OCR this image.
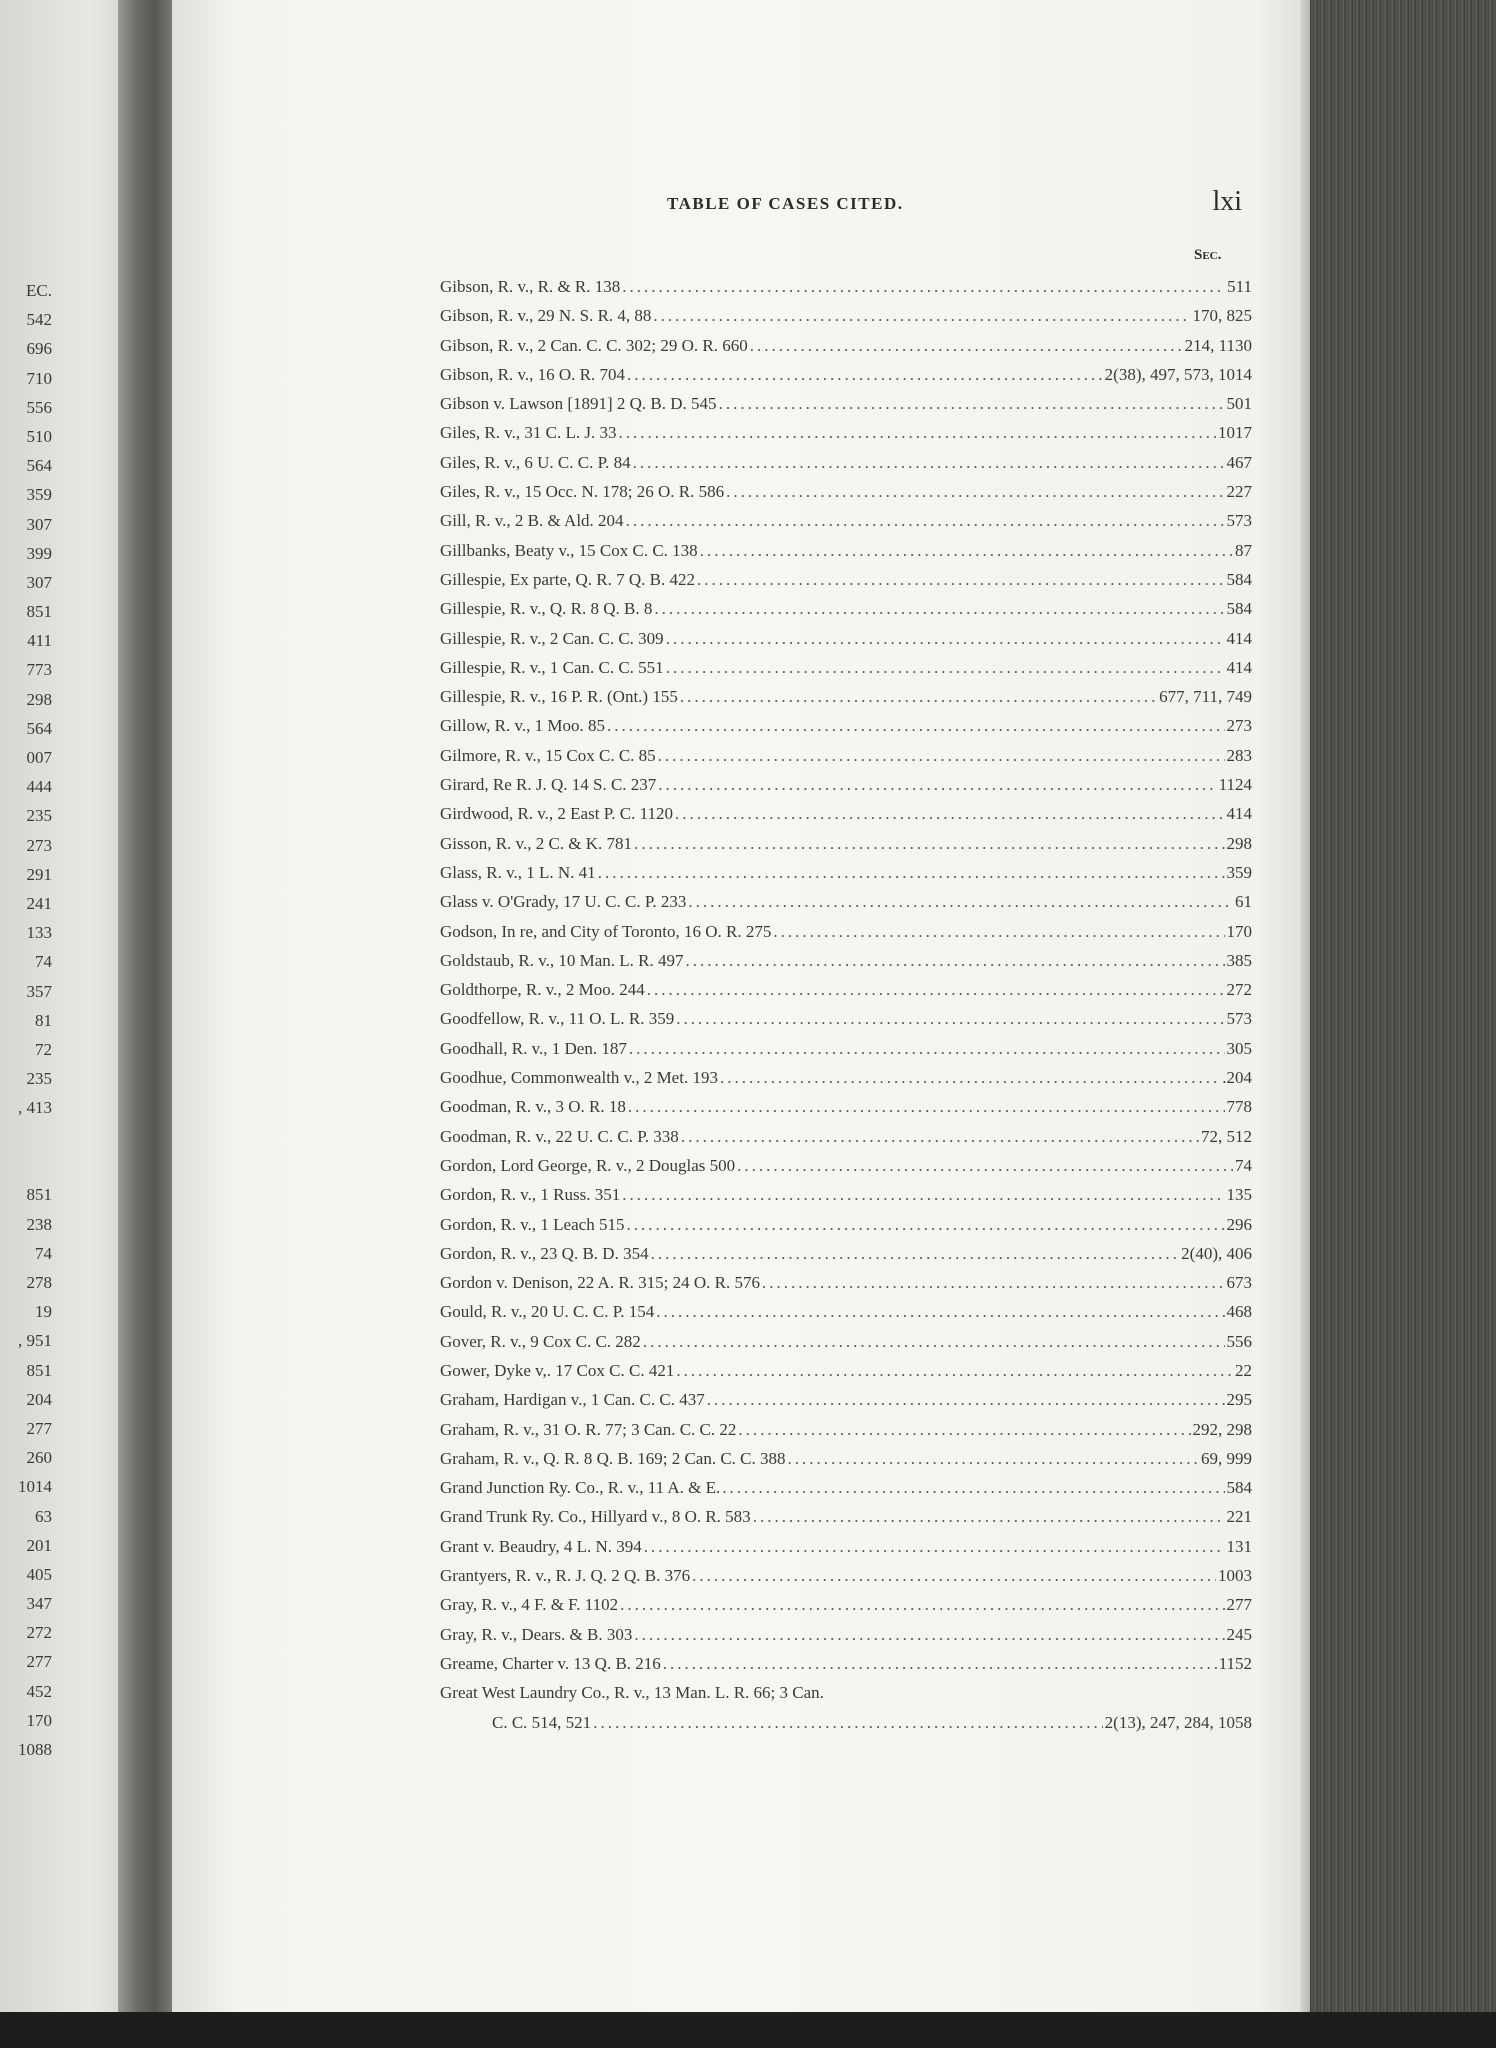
EC.
542
696
710
556
510
564
359
307
399
307
851
411
773
298
564
007
444
235
273
291
241
133
74
357
81
72
235
, 413
851
238
74
278
19
, 951
851
204
277
260
1014
63
201
405
347
272
277
452
170
1088
TABLE OF CASES CITED.	lxi
Sec.
Gibson, R. v., R. & R. 138 .....	511
Gibson, R. v., 29 N. S. R. 4, 88 .....	170, 825
Gibson, R. v., 2 Can. C. C. 302; 29 O. R. 660 .....	214, 1130
Gibson, R. v., 16 O. R. 704 .....	2(38), 497, 573, 1014
Gibson v. Lawson [1891] 2 Q. B. D. 545 .....	501
Giles, R. v., 31 C. L. J. 33 .....	1017
Giles, R. v., 6 U. C. C. P. 84 .....	467
Giles, R. v., 15 Occ. N. 178; 26 O. R. 586 .....	227
Gill, R. v., 2 B. & Ald. 204 .....	573
Gillbanks, Beaty v., 15 Cox C. C. 138 .....	87
Gillespie, Ex parte, Q. R. 7 Q. B. 422 .....	584
Gillespie, R. v., Q. R. 8 Q. B. 8 .....	584
Gillespie, R. v., 2 Can. C. C. 309 .....	414
Gillespie, R. v., 1 Can. C. C. 551 .....	414
Gillespie, R. v., 16 P. R. (Ont.) 155 .....	677, 711, 749
Gillow, R. v., 1 Moo. 85 .....	273
Gilmore, R. v., 15 Cox C. C. 85 .....	283
Girard, Re R. J. Q. 14 S. C. 237 .....	1124
Girdwood, R. v., 2 East P. C. 1120 .....	414
Gisson, R. v., 2 C. & K. 781 .....	298
Glass, R. v., 1 L. N. 41 .....	359
Glass v. O'Grady, 17 U. C. C. P. 233 .....	61
Godson, In re, and City of Toronto, 16 O. R. 275 .....	170
Goldstaub, R. v., 10 Man. L. R. 497 .....	385
Goldthorpe, R. v., 2 Moo. 244 .....	272
Goodfellow, R. v., 11 O. L. R. 359 .....	573
Goodhall, R. v., 1 Den. 187 .....	305
Goodhue, Commonwealth v., 2 Met. 193 .....	.204
Goodman, R. v., 3 O. R. 18 .....	778
Goodman, R. v., 22 U. C. C. P. 338 .....	72, 512
Gordon, Lord George, R. v., 2 Douglas 500 .....	74
Gordon, R. v., 1 Russ. 351 .....	135
Gordon, R. v., 1 Leach 515 .....	296
Gordon, R. v., 23 Q. B. D. 354 .....	2(40), 406
Gordon v. Denison, 22 A. R. 315; 24 O. R. 576 .....	673
Gould, R. v., 20 U. C. C. P. 154 .....	468
Gover, R. v., 9 Cox C. C. 282 .....	556
Gower, Dyke v,. 17 Cox C. C. 421 .....	22
Graham, Hardigan v., 1 Can. C. C. 437 .....	295
Graham, R. v., 31 O. R. 77; 3 Can. C. C. 22 .....	292, 298
Graham, R. v., Q. R. 8 Q. B. 169; 2 Can. C. C. 388 .....	69, 999
Grand Junction Ry. Co., R. v., 11 A. & E. .....	584
Grand Trunk Ry. Co., Hillyard v., 8 O. R. 583 .....	221
Grant v. Beaudry, 4 L. N. 394 .....	131
Grantyers, R. v., R. J. Q. 2 Q. B. 376 .....	1003
Gray, R. v., 4 F. & F. 1102 .....	277
Gray, R. v., Dears. & B. 303 .....	245
Greame, Charter v. 13 Q. B. 216 .....	1152
Great West Laundry Co., R. v., 13 Man. L. R. 66; 3 Can.
C. C. 514, 521 .....	2(13), 247, 284, 1058
